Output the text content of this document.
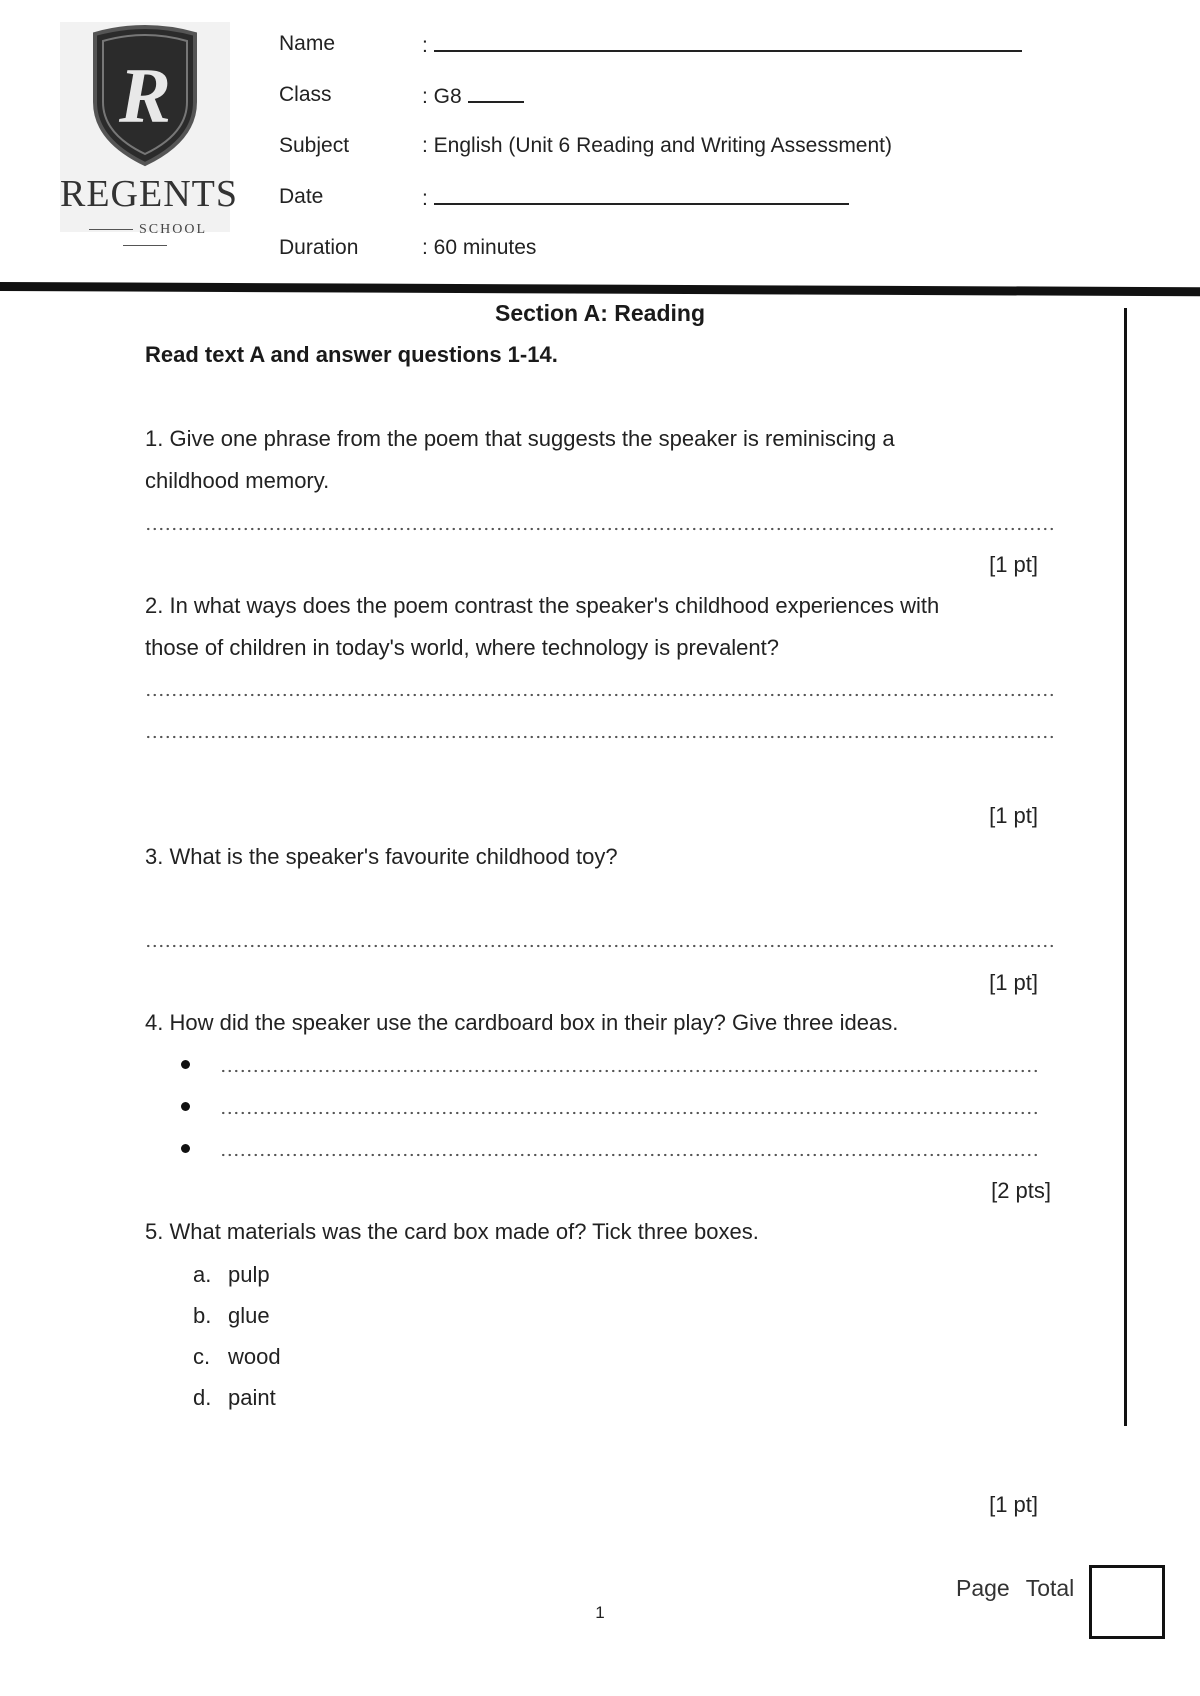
R
REGENTS
SCHOOL
Name	:
Class	: G8
Subject	: English (Unit 6 Reading and Writing Assessment)
Date	:
Duration	: 60 minutes
Section A: Reading
Read text A and answer questions 1-14.
1. Give one phrase from the poem that suggests the speaker is reminiscing a
childhood memory.
[1 pt]
2. In what ways does the poem contrast the speaker's childhood experiences with
those of children in today's world, where technology is prevalent?
[1 pt]
3. What is the speaker's favourite childhood toy?
[1 pt]
4. How did the speaker use the cardboard box in their play? Give three ideas.
[2 pts]
5. What materials was the card box made of? Tick three boxes.
a. pulp
b. glue
c. wood
d. paint
[1 pt]
Page Total
1
